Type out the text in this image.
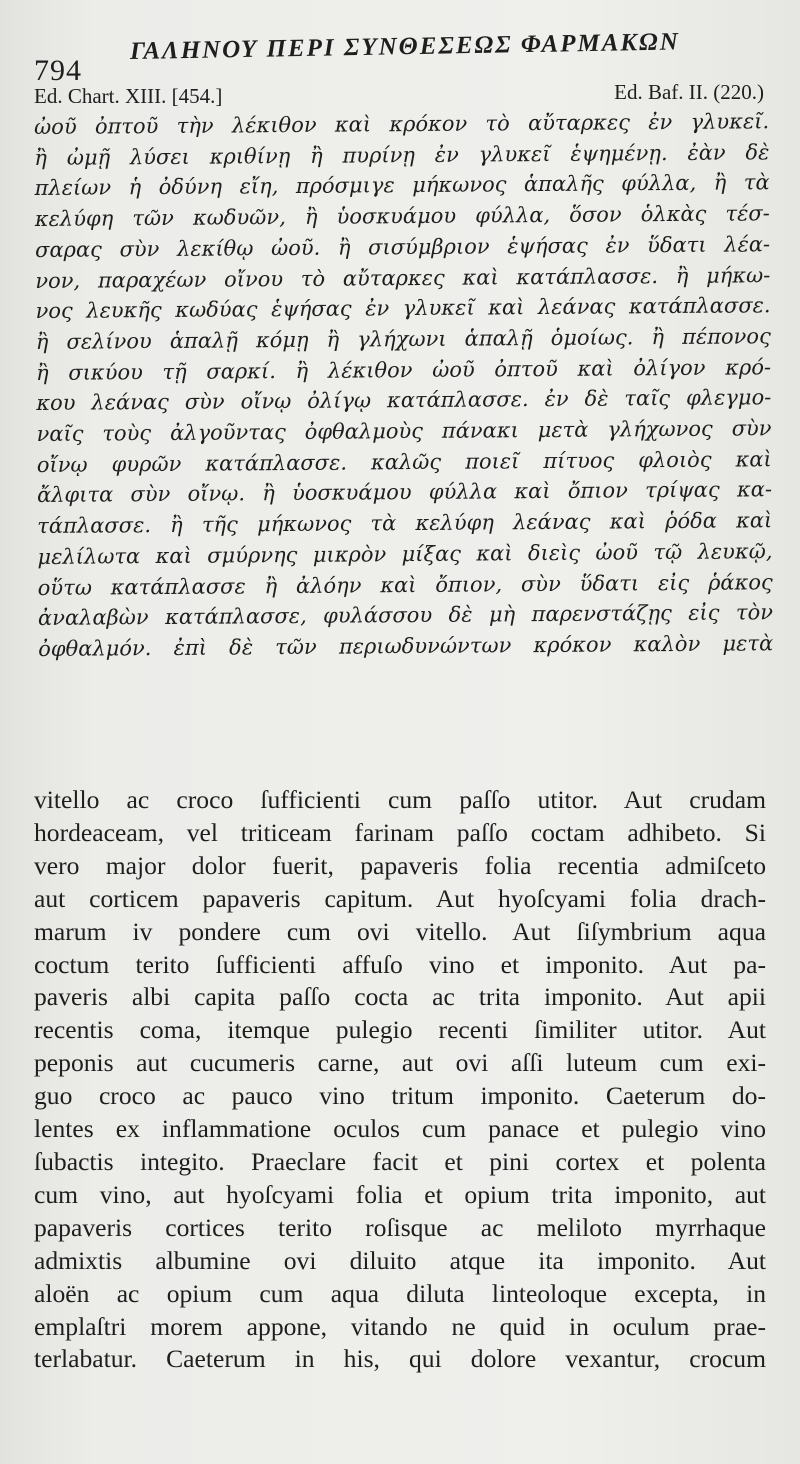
794
ΓΑΛΗΝΟΥ ΠΕΡΙ ΣΥΝΘΕΣΕΩΣ ΦΑΡΜΑΚΩΝ
Ed. Chart. XIII. [454.]	Ed. Baf. II. (220.)
ὠοῦ ὀπτοῦ τὴν λέκιθον καὶ κρόκον τὸ αὔταρκες ἐν γλυκεῖ.
ἢ ὠμῇ λύσει κριθίνῃ ἢ πυρίνῃ ἐν γλυκεῖ ἑψημένῃ. ἐὰν δὲ
πλείων ἡ ὀδύνη εἴη, πρόσμιγε μήκωνος ἁπαλῆς φύλλα, ἢ τὰ
κελύφη τῶν κωδυῶν, ἢ ὑοσκυάμου φύλλα, ὅσον ὁλκὰς τέσ-
σαρας σὺν λεκίθῳ ὠοῦ. ἢ σισύμβριον ἑψήσας ἐν ὕδατι λέα-
νον, παραχέων οἴνου τὸ αὔταρκες καὶ κατάπλασσε. ἢ μήκω-
νος λευκῆς κωδύας ἑψήσας ἐν γλυκεῖ καὶ λεάνας κατάπλασσε.
ἢ σελίνου ἁπαλῇ κόμῃ ἢ γλήχωνι ἁπαλῇ ὁμοίως. ἢ πέπονος
ἢ σικύου τῇ σαρκί. ἢ λέκιθον ὠοῦ ὀπτοῦ καὶ ὀλίγον κρό-
κου λεάνας σὺν οἴνῳ ὀλίγῳ κατάπλασσε. ἐν δὲ ταῖς φλεγμο-
ναῖς τοὺς ἀλγοῦντας ὀφθαλμοὺς πάνακι μετὰ γλήχωνος σὺν
οἴνῳ φυρῶν κατάπλασσε. καλῶς ποιεῖ πίτυος φλοιὸς καὶ
ἄλφιτα σὺν οἴνῳ. ἢ ὑοσκυάμου φύλλα καὶ ὄπιον τρίψας κα-
τάπλασσε. ἢ τῆς μήκωνος τὰ κελύφη λεάνας καὶ ῥόδα καὶ
μελίλωτα καὶ σμύρνης μικρὸν μίξας καὶ διεὶς ὠοῦ τῷ λευκῷ,
οὕτω κατάπλασσε ἢ ἀλόην καὶ ὄπιον, σὺν ὕδατι εἰς ῥάκος
ἀναλαβὼν κατάπλασσε, φυλάσσου δὲ μὴ παρενστάζῃς εἰς τὸν
ὀφθαλμόν. ἐπὶ δὲ τῶν περιωδυνώντων κρόκον καλὸν μετὰ
vitello ac croco ſufficienti cum paſſo utitor. Aut crudam
hordeaceam, vel triticeam farinam paſſo coctam adhibeto. Si
vero major dolor fuerit, papaveris folia recentia admiſceto
aut corticem papaveris capitum. Aut hyoſcyami folia drach-
marum iv pondere cum ovi vitello. Aut ſiſymbrium aqua
coctum terito ſufficienti affuſo vino et imponito. Aut pa-
paveris albi capita paſſo cocta ac trita imponito. Aut apii
recentis coma, itemque pulegio recenti ſimiliter utitor. Aut
peponis aut cucumeris carne, aut ovi aſſi luteum cum exi-
guo croco ac pauco vino tritum imponito. Caeterum do-
lentes ex inflammatione oculos cum panace et pulegio vino
ſubactis integito. Praeclare facit et pini cortex et polenta
cum vino, aut hyoſcyami folia et opium trita imponito, aut
papaveris cortices terito roſisque ac meliloto myrrhaque
admixtis albumine ovi diluito atque ita imponito. Aut
aloën ac opium cum aqua diluta linteoloque excepta, in
emplaſtri morem appone, vitando ne quid in oculum prae-
terlabatur. Caeterum in his, qui dolore vexantur, crocum
